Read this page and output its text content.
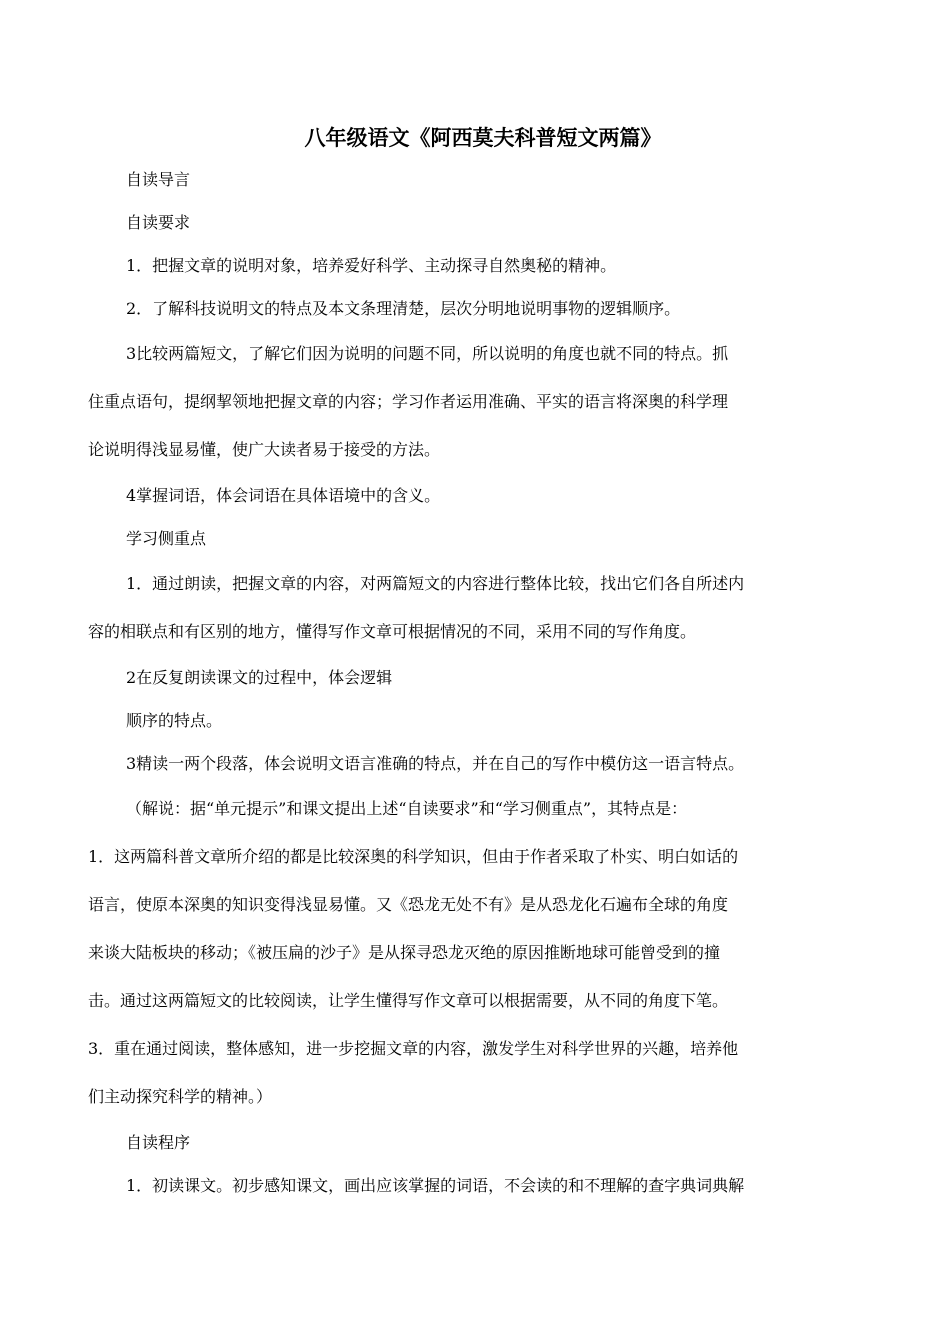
八年级语文《阿西莫夫科普短文两篇》

自读导言

自读要求

1．把握文章的说明对象，培养爱好科学、主动探寻自然奥秘的精神。

2．了解科技说明文的特点及本文条理清楚，层次分明地说明事物的逻辑顺序。

3比较两篇短文，了解它们因为说明的问题不同，所以说明的角度也就不同的特点。抓

住重点语句，提纲挈领地把握文章的内容；学习作者运用准确、平实的语言将深奥的科学理

论说明得浅显易懂，使广大读者易于接受的方法。

4掌握词语，体会词语在具体语境中的含义。

学习侧重点

1．通过朗读，把握文章的内容，对两篇短文的内容进行整体比较，找出它们各自所述内

容的相联点和有区别的地方，懂得写作文章可根据情况的不同，采用不同的写作角度。

2在反复朗读课文的过程中，体会逻辑

顺序的特点。

3精读一两个段落，体会说明文语言准确的特点，并在自己的写作中模仿这一语言特点。

（解说：据“单元提示”和课文提出上述“自读要求”和“学习侧重点”，其特点是：

1．这两篇科普文章所介绍的都是比较深奥的科学知识，但由于作者采取了朴实、明白如话的

语言，使原本深奥的知识变得浅显易懂。又《恐龙无处不有》是从恐龙化石遍布全球的角度

来谈大陆板块的移动；《被压扁的沙子》是从探寻恐龙灭绝的原因推断地球可能曾受到的撞

击。通过这两篇短文的比较阅读，让学生懂得写作文章可以根据需要，从不同的角度下笔。

3．重在通过阅读，整体感知，进一步挖掘文章的内容，激发学生对科学世界的兴趣，培养他

们主动探究科学的精神。）

自读程序

1．初读课文。初步感知课文，画出应该掌握的词语，不会读的和不理解的查字典词典解
